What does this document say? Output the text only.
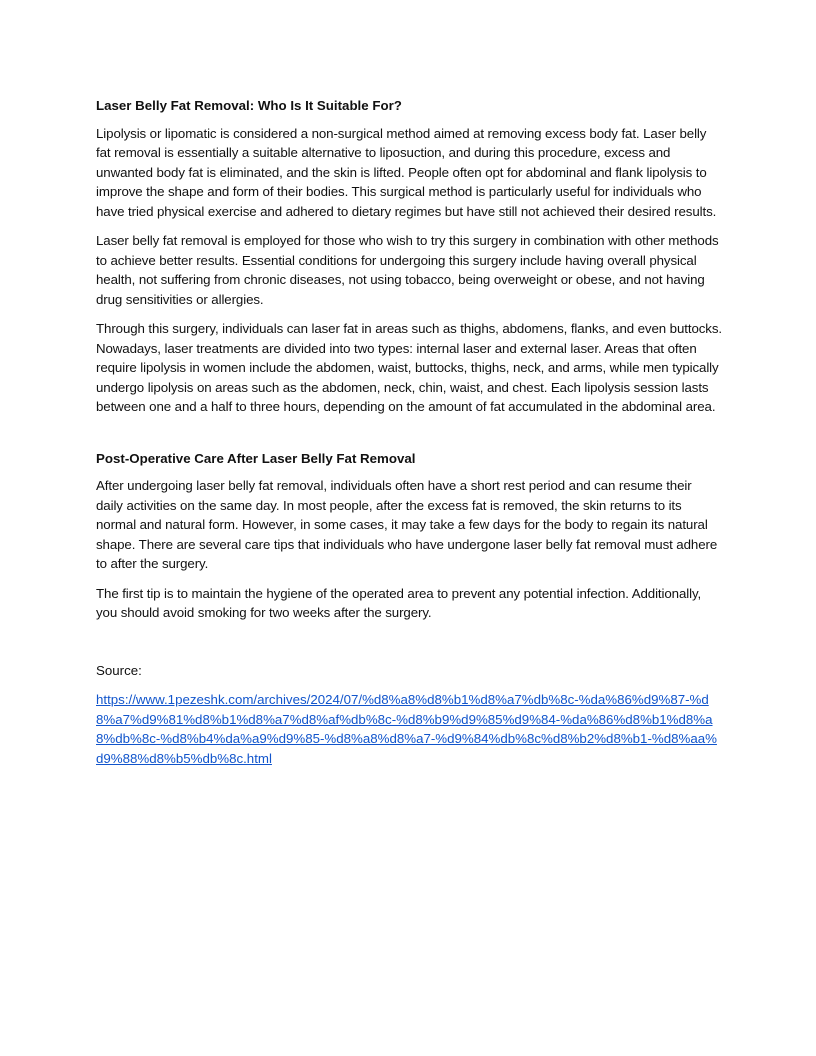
Laser Belly Fat Removal: Who Is It Suitable For?

Lipolysis or lipomatic is considered a non-surgical method aimed at removing excess body fat. Laser belly fat removal is essentially a suitable alternative to liposuction, and during this procedure, excess and unwanted body fat is eliminated, and the skin is lifted. People often opt for abdominal and flank lipolysis to improve the shape and form of their bodies. This surgical method is particularly useful for individuals who have tried physical exercise and adhered to dietary regimes but have still not achieved their desired results.

Laser belly fat removal is employed for those who wish to try this surgery in combination with other methods to achieve better results. Essential conditions for undergoing this surgery include having overall physical health, not suffering from chronic diseases, not using tobacco, being overweight or obese, and not having drug sensitivities or allergies.

Through this surgery, individuals can laser fat in areas such as thighs, abdomens, flanks, and even buttocks. Nowadays, laser treatments are divided into two types: internal laser and external laser. Areas that often require lipolysis in women include the abdomen, waist, buttocks, thighs, neck, and arms, while men typically undergo lipolysis on areas such as the abdomen, neck, chin, waist, and chest. Each lipolysis session lasts between one and a half to three hours, depending on the amount of fat accumulated in the abdominal area.

Post-Operative Care After Laser Belly Fat Removal

After undergoing laser belly fat removal, individuals often have a short rest period and can resume their daily activities on the same day. In most people, after the excess fat is removed, the skin returns to its normal and natural form. However, in some cases, it may take a few days for the body to regain its natural shape. There are several care tips that individuals who have undergone laser belly fat removal must adhere to after the surgery.

The first tip is to maintain the hygiene of the operated area to prevent any potential infection. Additionally, you should avoid smoking for two weeks after the surgery.

Source:
https://www.1pezeshk.com/archives/2024/07/%d8%a8%d8%b1%d8%a7%db%8c-%da%86%d9%87-%d8%a7%d9%81%d8%b1%d8%a7%d8%af%db%8c-%d8%b9%d9%85%d9%84-%da%86%d8%b1%d8%a8%db%8c-%d8%b4%da%a9%d9%85-%d8%a8%d8%a7-%d9%84%db%8c%d8%b2%d8%b1-%d8%aa%d9%88%d8%b5%db%8c.html
